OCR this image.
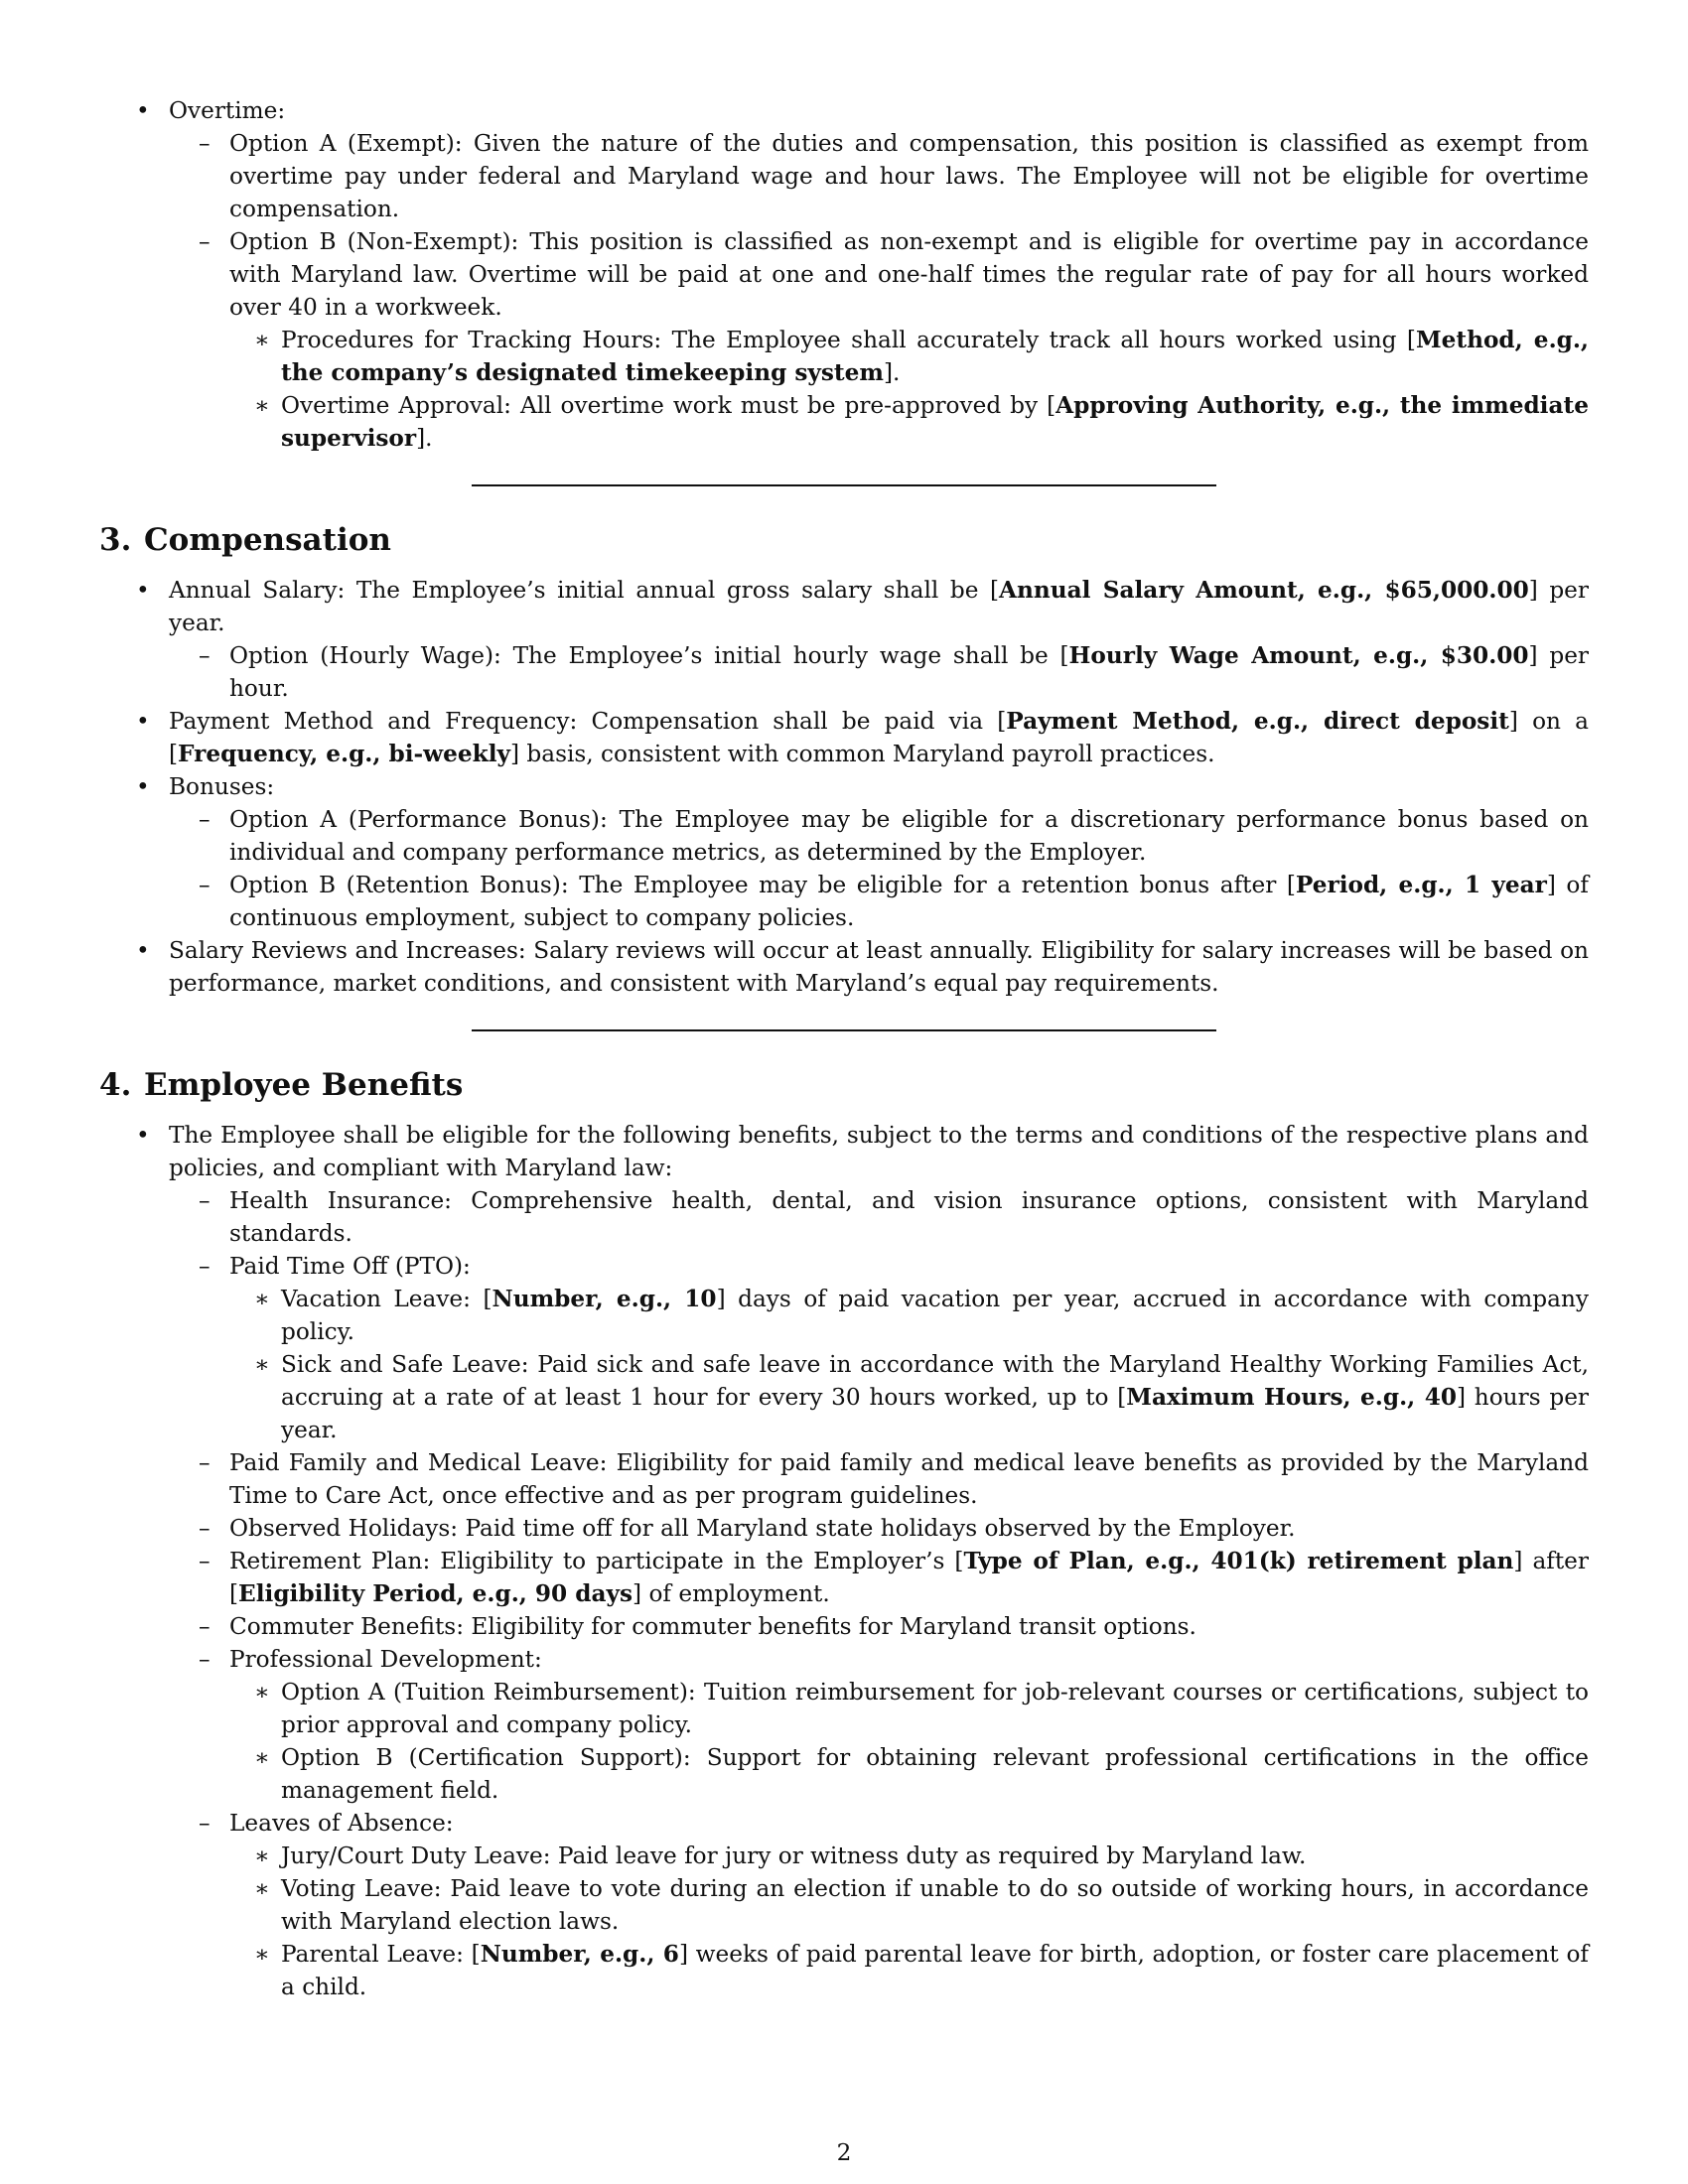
• Overtime:
– Option A (Exempt): Given the nature of the duties and compensation, this position is classified as exempt from overtime pay under federal and Maryland wage and hour laws. The Employee will not be eligible for overtime compensation.
– Option B (Non-Exempt): This position is classified as non-exempt and is eligible for overtime pay in accordance with Maryland law. Overtime will be paid at one and one-half times the regular rate of pay for all hours worked over 40 in a workweek.
∗ Procedures for Tracking Hours: The Employee shall accurately track all hours worked using [Method, e.g., the company’s designated timekeeping system].
∗ Overtime Approval: All overtime work must be pre-approved by [Approving Authority, e.g., the immediate supervisor].
3. Compensation
• Annual Salary: The Employee’s initial annual gross salary shall be [Annual Salary Amount, e.g., $65,000.00] per year.
– Option (Hourly Wage): The Employee’s initial hourly wage shall be [Hourly Wage Amount, e.g., $30.00] per hour.
• Payment Method and Frequency: Compensation shall be paid via [Payment Method, e.g., direct deposit] on a [Frequency, e.g., bi-weekly] basis, consistent with common Maryland payroll practices.
• Bonuses:
– Option A (Performance Bonus): The Employee may be eligible for a discretionary performance bonus based on individual and company performance metrics, as determined by the Employer.
– Option B (Retention Bonus): The Employee may be eligible for a retention bonus after [Period, e.g., 1 year] of continuous employment, subject to company policies.
• Salary Reviews and Increases: Salary reviews will occur at least annually. Eligibility for salary increases will be based on performance, market conditions, and consistent with Maryland’s equal pay requirements.
4. Employee Benefits
• The Employee shall be eligible for the following benefits, subject to the terms and conditions of the respective plans and policies, and compliant with Maryland law:
– Health Insurance: Comprehensive health, dental, and vision insurance options, consistent with Maryland standards.
– Paid Time Off (PTO):
∗ Vacation Leave: [Number, e.g., 10] days of paid vacation per year, accrued in accordance with company policy.
∗ Sick and Safe Leave: Paid sick and safe leave in accordance with the Maryland Healthy Working Families Act, accruing at a rate of at least 1 hour for every 30 hours worked, up to [Maximum Hours, e.g., 40] hours per year.
– Paid Family and Medical Leave: Eligibility for paid family and medical leave benefits as provided by the Maryland Time to Care Act, once effective and as per program guidelines.
– Observed Holidays: Paid time off for all Maryland state holidays observed by the Employer.
– Retirement Plan: Eligibility to participate in the Employer’s [Type of Plan, e.g., 401(k) retirement plan] after [Eligibility Period, e.g., 90 days] of employment.
– Commuter Benefits: Eligibility for commuter benefits for Maryland transit options.
– Professional Development:
∗ Option A (Tuition Reimbursement): Tuition reimbursement for job-relevant courses or certifications, subject to prior approval and company policy.
∗ Option B (Certification Support): Support for obtaining relevant professional certifications in the office management field.
– Leaves of Absence:
∗ Jury/Court Duty Leave: Paid leave for jury or witness duty as required by Maryland law.
∗ Voting Leave: Paid leave to vote during an election if unable to do so outside of working hours, in accordance with Maryland election laws.
∗ Parental Leave: [Number, e.g., 6] weeks of paid parental leave for birth, adoption, or foster care placement of a child.
2
